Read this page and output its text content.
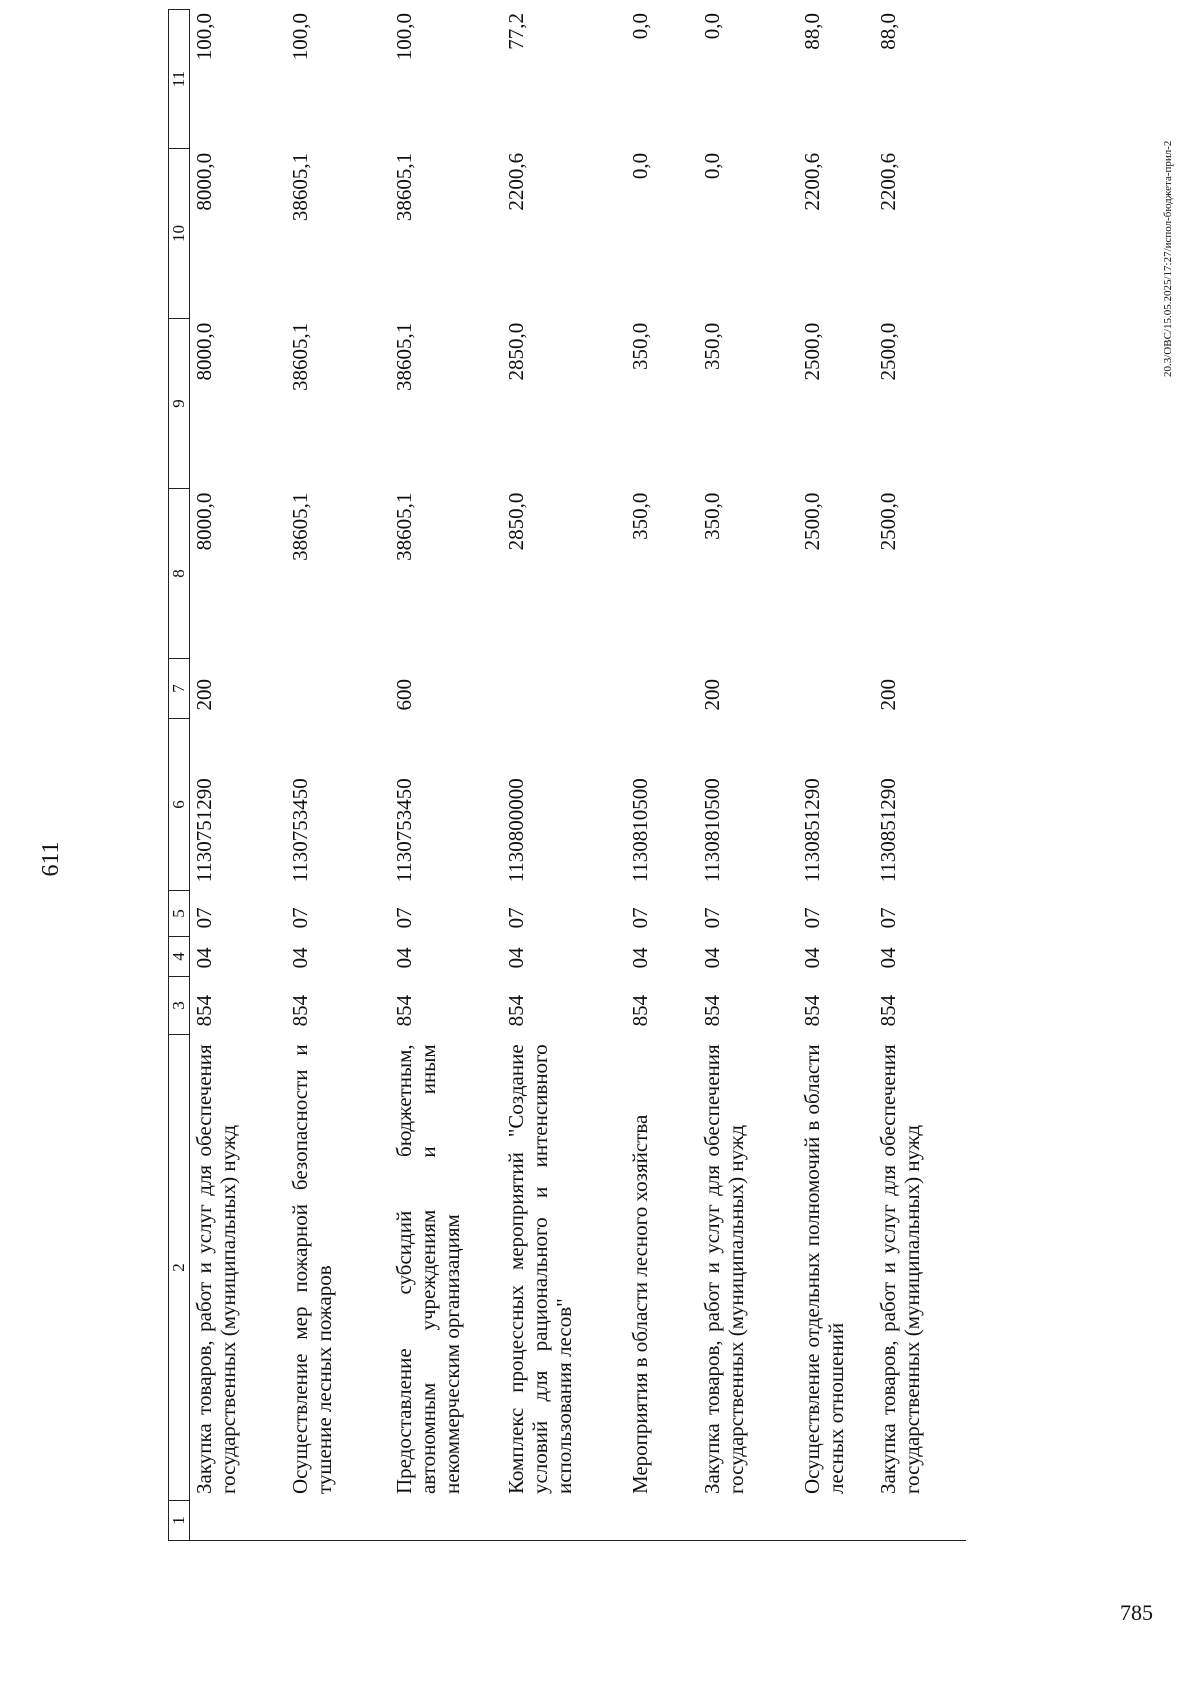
611
1
2
3
4
5
6
7
8
9
10
11
Закупка товаров, работ и услуг для обеспечения государственных (муниципальных) нужд
854
04
07
1130751290
200
8000,0
8000,0
8000,0
100,0
Осуществление мер пожарной безопасности и тушение лесных пожаров
854
04
07
1130753450
38605,1
38605,1
38605,1
100,0
Предоставление субсидий бюджетным, автономным учреждениям и иным некоммерческим организациям
854
04
07
1130753450
600
38605,1
38605,1
38605,1
100,0
Комплекс процессных мероприятий "Создание условий для рационального и интенсивного использования лесов"
854
04
07
1130800000
2850,0
2850,0
2200,6
77,2
Мероприятия в области лесного хозяйства
854
04
07
1130810500
350,0
350,0
0,0
0,0
Закупка товаров, работ и услуг для обеспечения государственных (муниципальных) нужд
854
04
07
1130810500
200
350,0
350,0
0,0
0,0
Осуществление отдельных полномочий в области лесных отношений
854
04
07
1130851290
2500,0
2500,0
2200,6
88,0
Закупка товаров, работ и услуг для обеспечения государственных (муниципальных) нужд
854
04
07
1130851290
200
2500,0
2500,0
2200,6
88,0
20.3/ОВС/15.05.2025/17:27/испол-бюджета-прил-2
785
